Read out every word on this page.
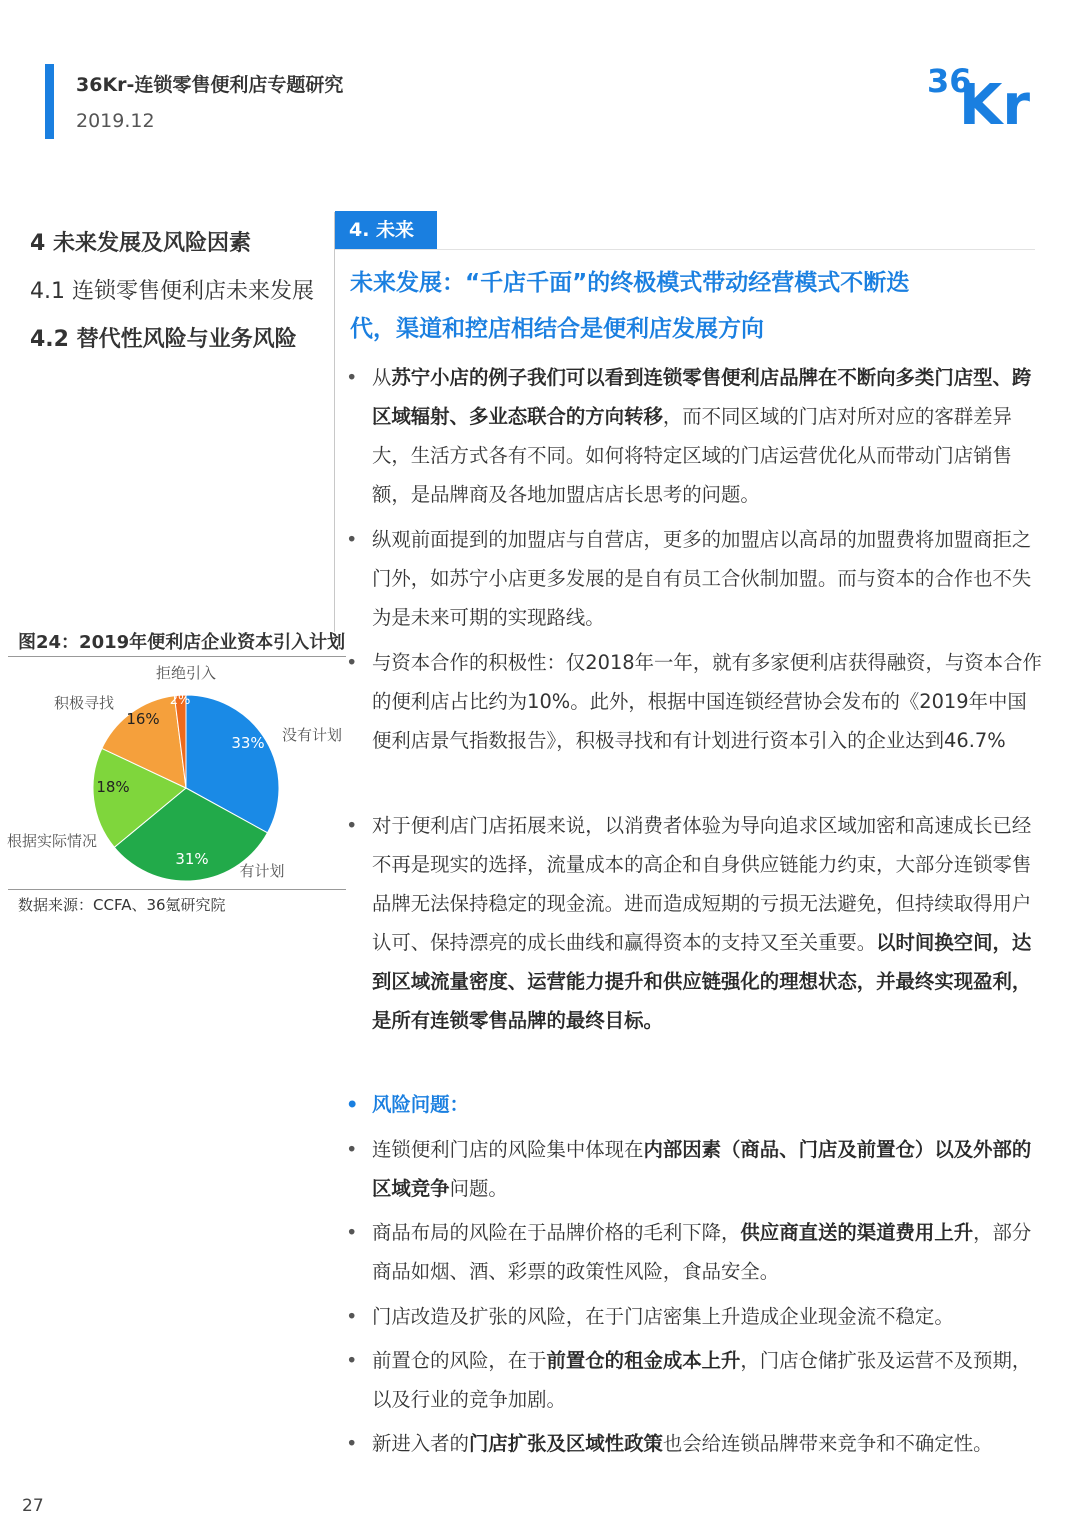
36Kr-连锁零售便利店专题研究
2019.12
36
Kr
4 未来发展及风险因素
4.1 连锁零售便利店未来发展
4.2 替代性风险与业务风险
4. 未来
未来发展：“千店千面”的终极模式带动经营模式不断迭
代，渠道和控店相结合是便利店发展方向
• 从苏宁小店的例子我们可以看到连锁零售便利店品牌在不断向多类门店型、跨区域辐射、多业态联合的方向转移，而不同区域的门店对所对应的客群差异大，生活方式各有不同。如何将特定区域的门店运营优化从而带动门店销售额，是品牌商及各地加盟店店长思考的问题。
• 纵观前面提到的加盟店与自营店，更多的加盟店以高昂的加盟费将加盟商拒之门外，如苏宁小店更多发展的是自有员工合伙制加盟。而与资本的合作也不失为是未来可期的实现路线。
• 与资本合作的积极性：仅2018年一年，就有多家便利店获得融资，与资本合作的便利店占比约为10%。此外，根据中国连锁经营协会发布的《2019年中国便利店景气指数报告》，积极寻找和有计划进行资本引入的企业达到46.7%
• 对于便利店门店拓展来说，以消费者体验为导向追求区域加密和高速成长已经不再是现实的选择，流量成本的高企和自身供应链能力约束，大部分连锁零售品牌无法保持稳定的现金流。进而造成短期的亏损无法避免，但持续取得用户认可、保持漂亮的成长曲线和赢得资本的支持又至关重要。以时间换空间，达到区域流量密度、运营能力提升和供应链强化的理想状态，并最终实现盈利，是所有连锁零售品牌的最终目标。
• 风险问题：
• 连锁便利门店的风险集中体现在内部因素（商品、门店及前置仓）以及外部的区域竞争问题。
• 商品布局的风险在于品牌价格的毛利下降，供应商直送的渠道费用上升，部分商品如烟、酒、彩票的政策性风险，食品安全。
• 门店改造及扩张的风险，在于门店密集上升造成企业现金流不稳定。
• 前置仓的风险，在于前置仓的租金成本上升，门店仓储扩张及运营不及预期，以及行业的竞争加剧。
• 新进入者的门店扩张及区域性政策也会给连锁品牌带来竞争和不确定性。
图24：2019年便利店企业资本引入计划
33% 没有计划
31%
有计划
18%
根据实际情况
16%
积极寻找	2%
拒绝引入
数据来源：CCFA、36氪研究院
27
